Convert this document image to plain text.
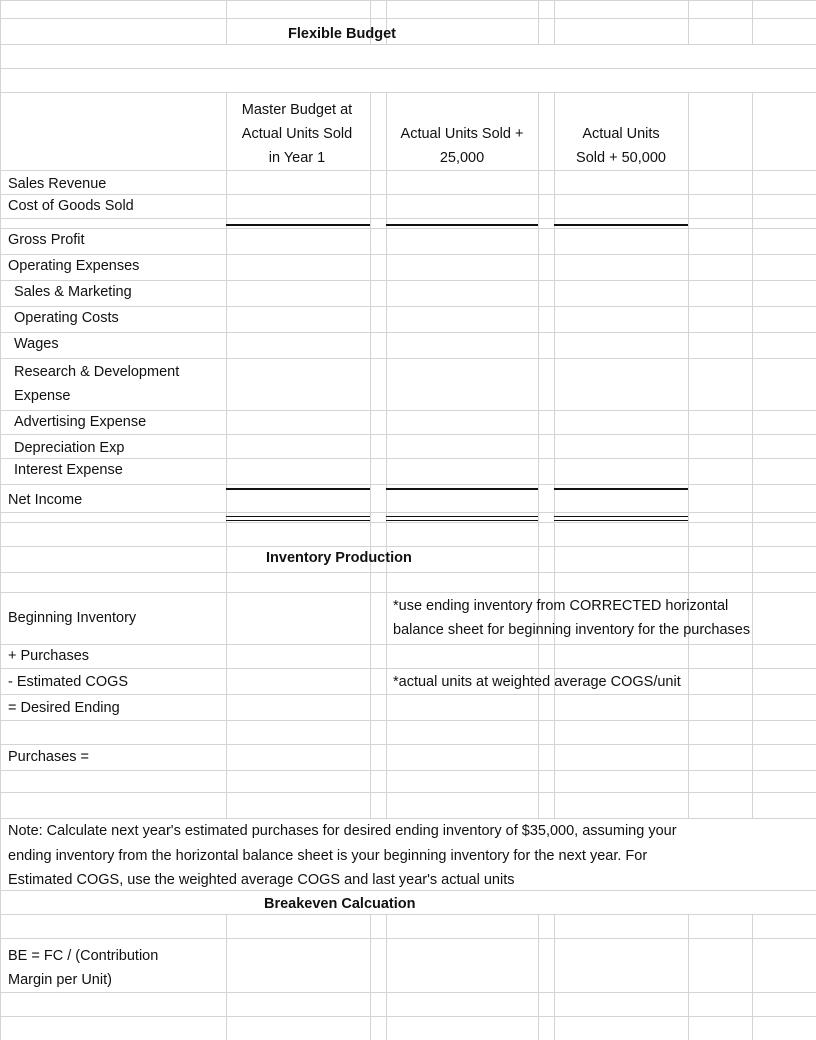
Flexible Budget
Master Budget at
Actual Units Sold
in Year 1
Actual Units Sold +
25,000
Actual Units
Sold + 50,000
Sales Revenue
Cost of Goods Sold
Gross Profit
Operating Expenses
Sales & Marketing
Operating Costs
Wages
Research & Development
Expense
Advertising Expense
Depreciation Exp
Interest Expense
Net Income
Inventory Production
Beginning Inventory
*use ending inventory from CORRECTED horizontal
balance sheet for beginning inventory for the purchases
+ Purchases
- Estimated COGS	*actual units at weighted average COGS/unit
= Desired Ending
Purchases =
Note: Calculate next year's estimated purchases for desired ending inventory of $35,000, assuming your
ending inventory from the horizontal balance sheet is your beginning inventory for the next year. For
Estimated COGS, use the weighted average COGS and last year's actual units
Breakeven Calcuation
BE = FC / (Contribution
Margin per Unit)
